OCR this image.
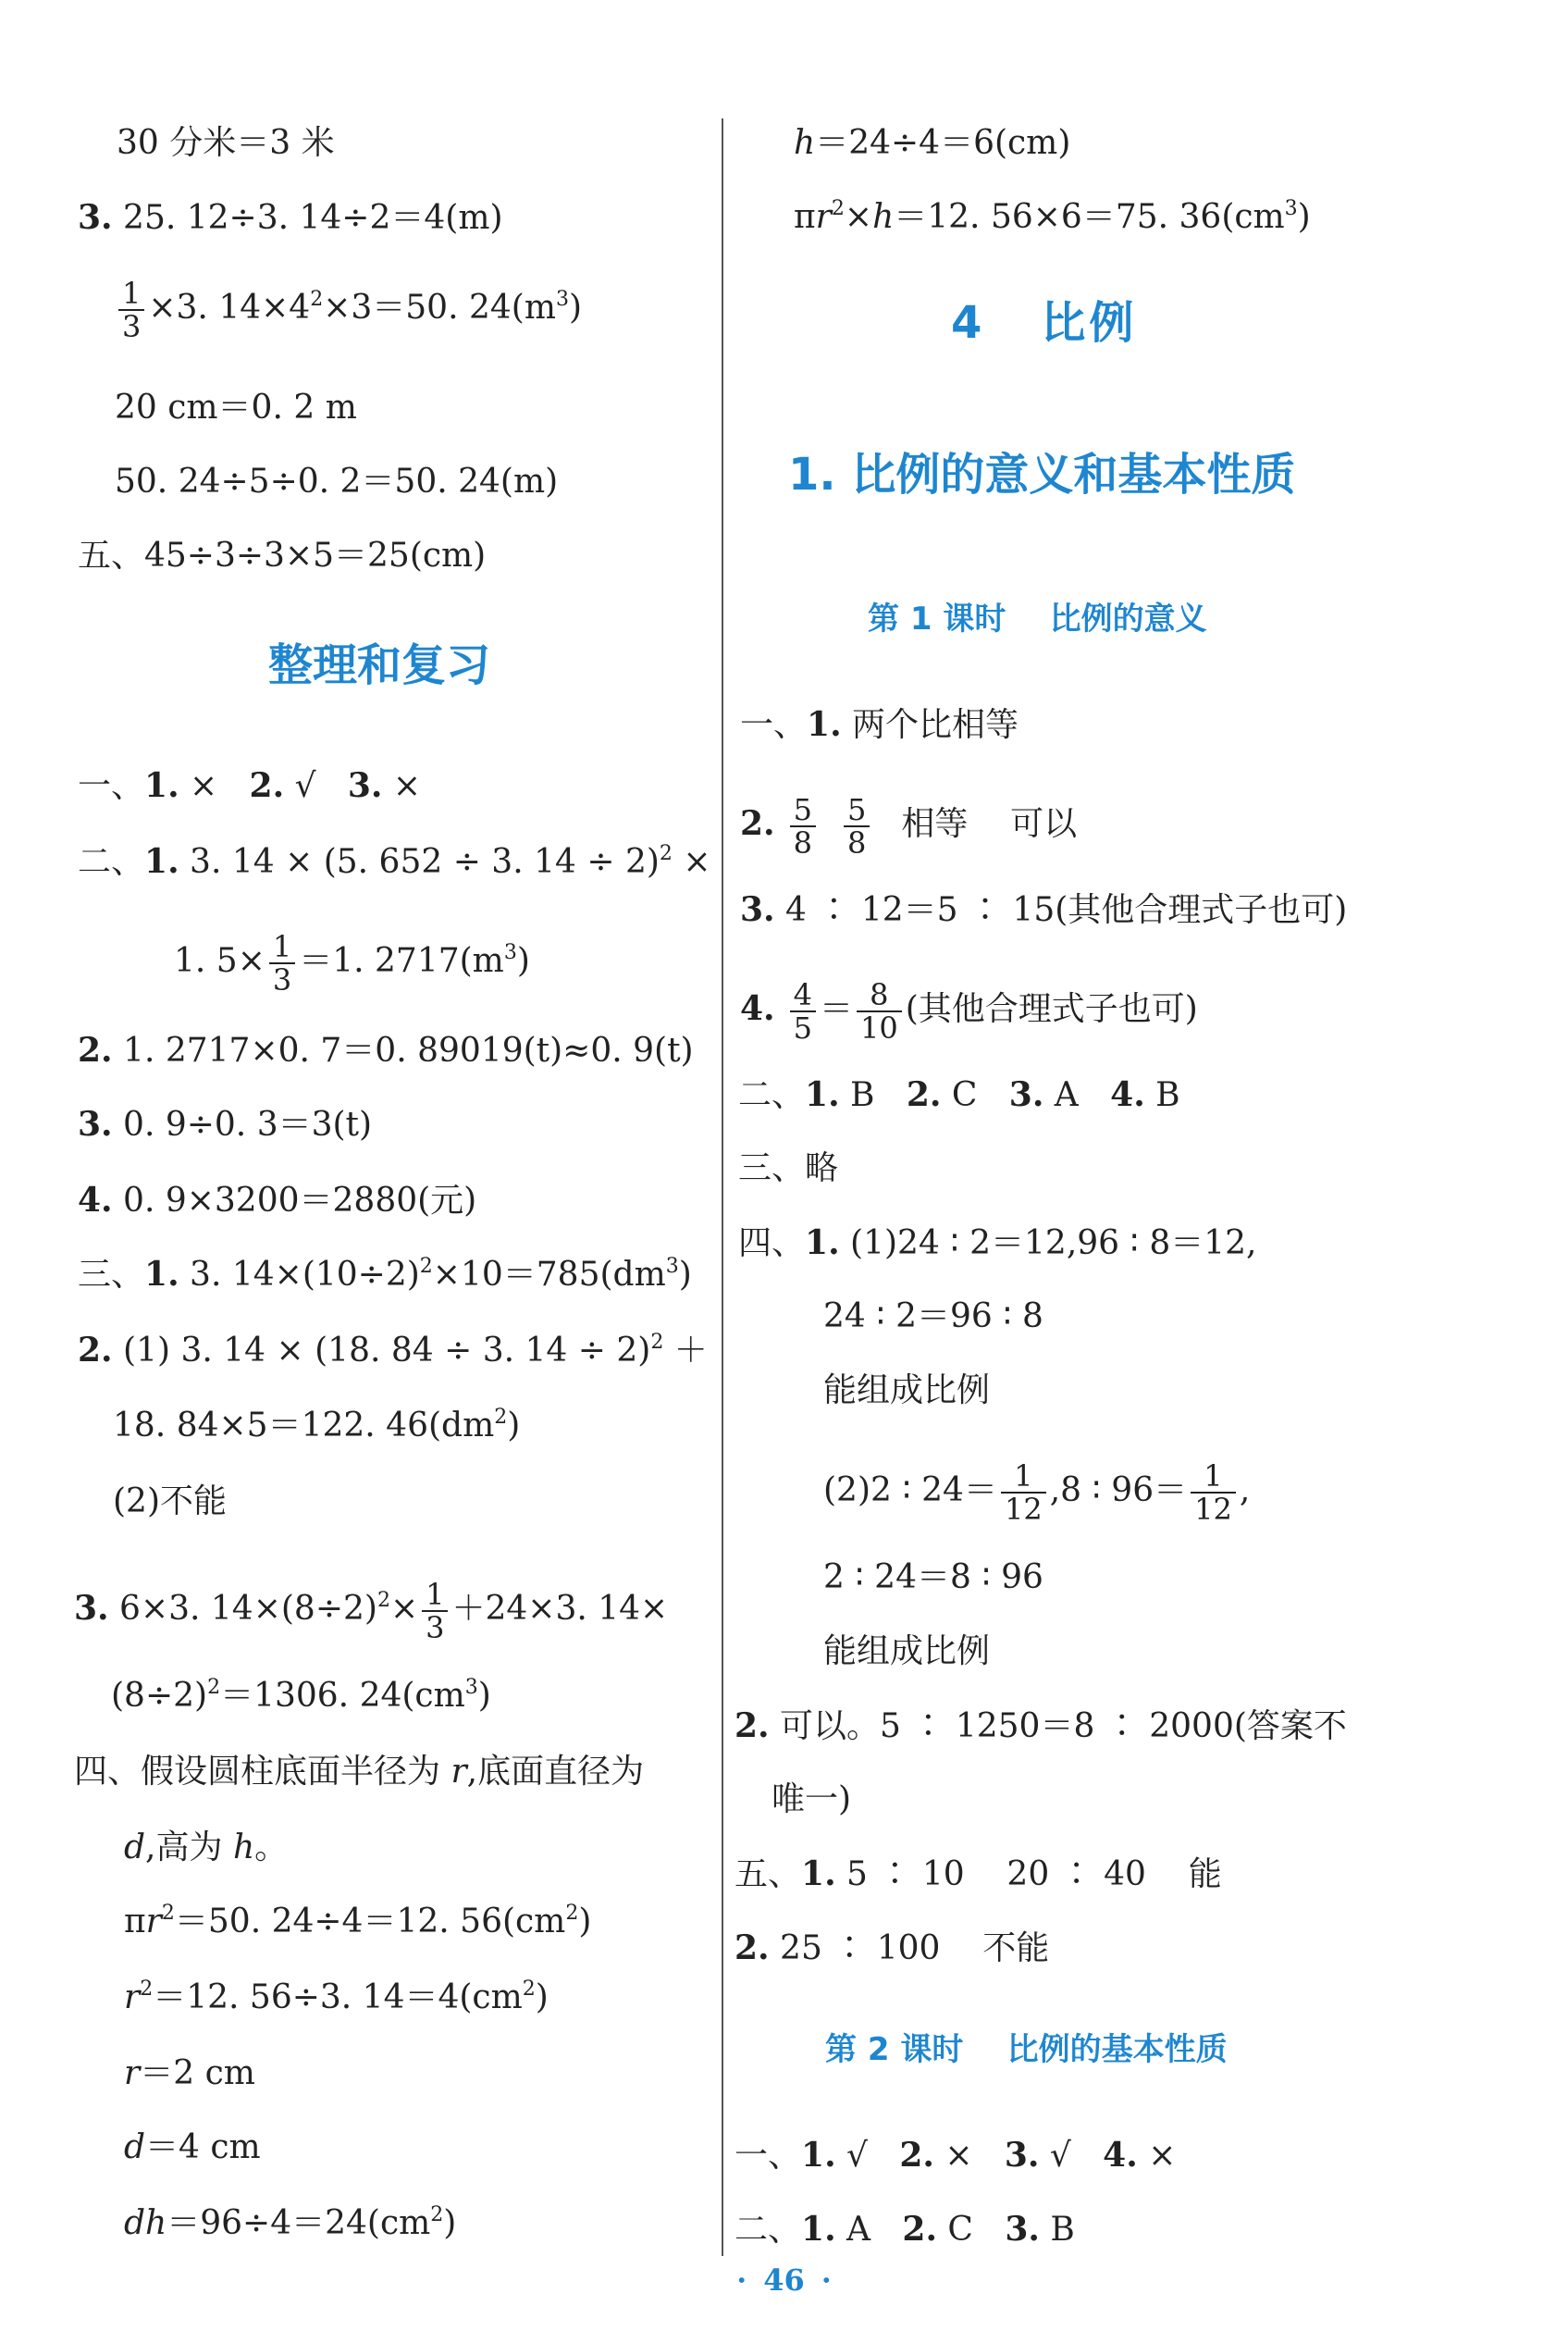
30 分米＝3 米
3. 25. 12÷3. 14÷2＝4(m)
$\frac{1}{3} \times 3$. $14\times 4^2\times 3=50$. $24(m^3)$
20 cm＝0. 2 m
50. 24÷5÷0. 2＝50. 24(m)
五、45÷3÷3×5＝25(cm)
整理和复习
一、1. ×   2. √   3. ×
二、1. 3. 14 × (5. 652 ÷ 3. 14 ÷ 2)$^2$ ×
1. $5\times \frac{1}{3} =1$. $2717(m^3)$
2. 1. 2717×0. 7＝0. 89019(t)≈0. 9(t)
3. 0. 9÷0. 3＝3(t)
4. 0. 9×3200＝2880(元)
三、1. 3. $14\times(10\div 2)^2\times 10=785(dm^3)$
2. (1) 3. 14 × (18. 84 ÷ 3. 14 ÷ 2)$^2$ ＋
18. 84×5＝122. $46(dm^2)$
(2)不能
3. 6×3. $14\times(8\div 2)^2\times \frac{1}{3} +24\times 3$. 14×
$(8\div 2)^2=1306$. $24(cm^3)$
四、假设圆柱底面半径为 r,底面直径为
d,高为 h。
$\pi r^2=50$. 24÷4＝12. $56(cm^2)$
$r^2=12$. 56÷3. $14=4(cm^2)$
r＝2 cm
d＝4 cm
$dh=96\div 4=24(cm^2)$
h＝24÷4＝6(cm)
$\pi r^2\times h=12$. 56×6＝75. $36(cm^3)$
4 比例
1. 比例的意义和基本性质
第 1 课时    比例的意义
一、1. 两个比相等
2. $\frac{5}{8} \frac{5}{8}$ 相等    可以
3. 4 ∶ 12＝5 ∶ 15(其他合理式子也可)
4. $\frac{4}{5} = \frac{8}{10}$ (其他合理式子也可)
二、1. B   2. C   3. A   4. B
三、略
四、1. (1)24 ∶ 2＝12,96 ∶ 8＝12,
24 ∶ 2＝96 ∶ 8
能组成比例
(2)2 ∶ $24= \frac{1}{12} ,8$ ∶ $96= \frac{1}{12}$ ,
2 ∶ 24＝8 ∶ 96
能组成比例
2. 可以。5 ∶ 1250＝8 ∶ 2000(答案不
唯一)
五、1. 5 ∶ 10    20 ∶ 40    能
2. 25 ∶ 100    不能
第 2 课时    比例的基本性质
一、1. √   2. ×   3. √   4. ×
二、1. A   2. C   3. B
· 46 ·
